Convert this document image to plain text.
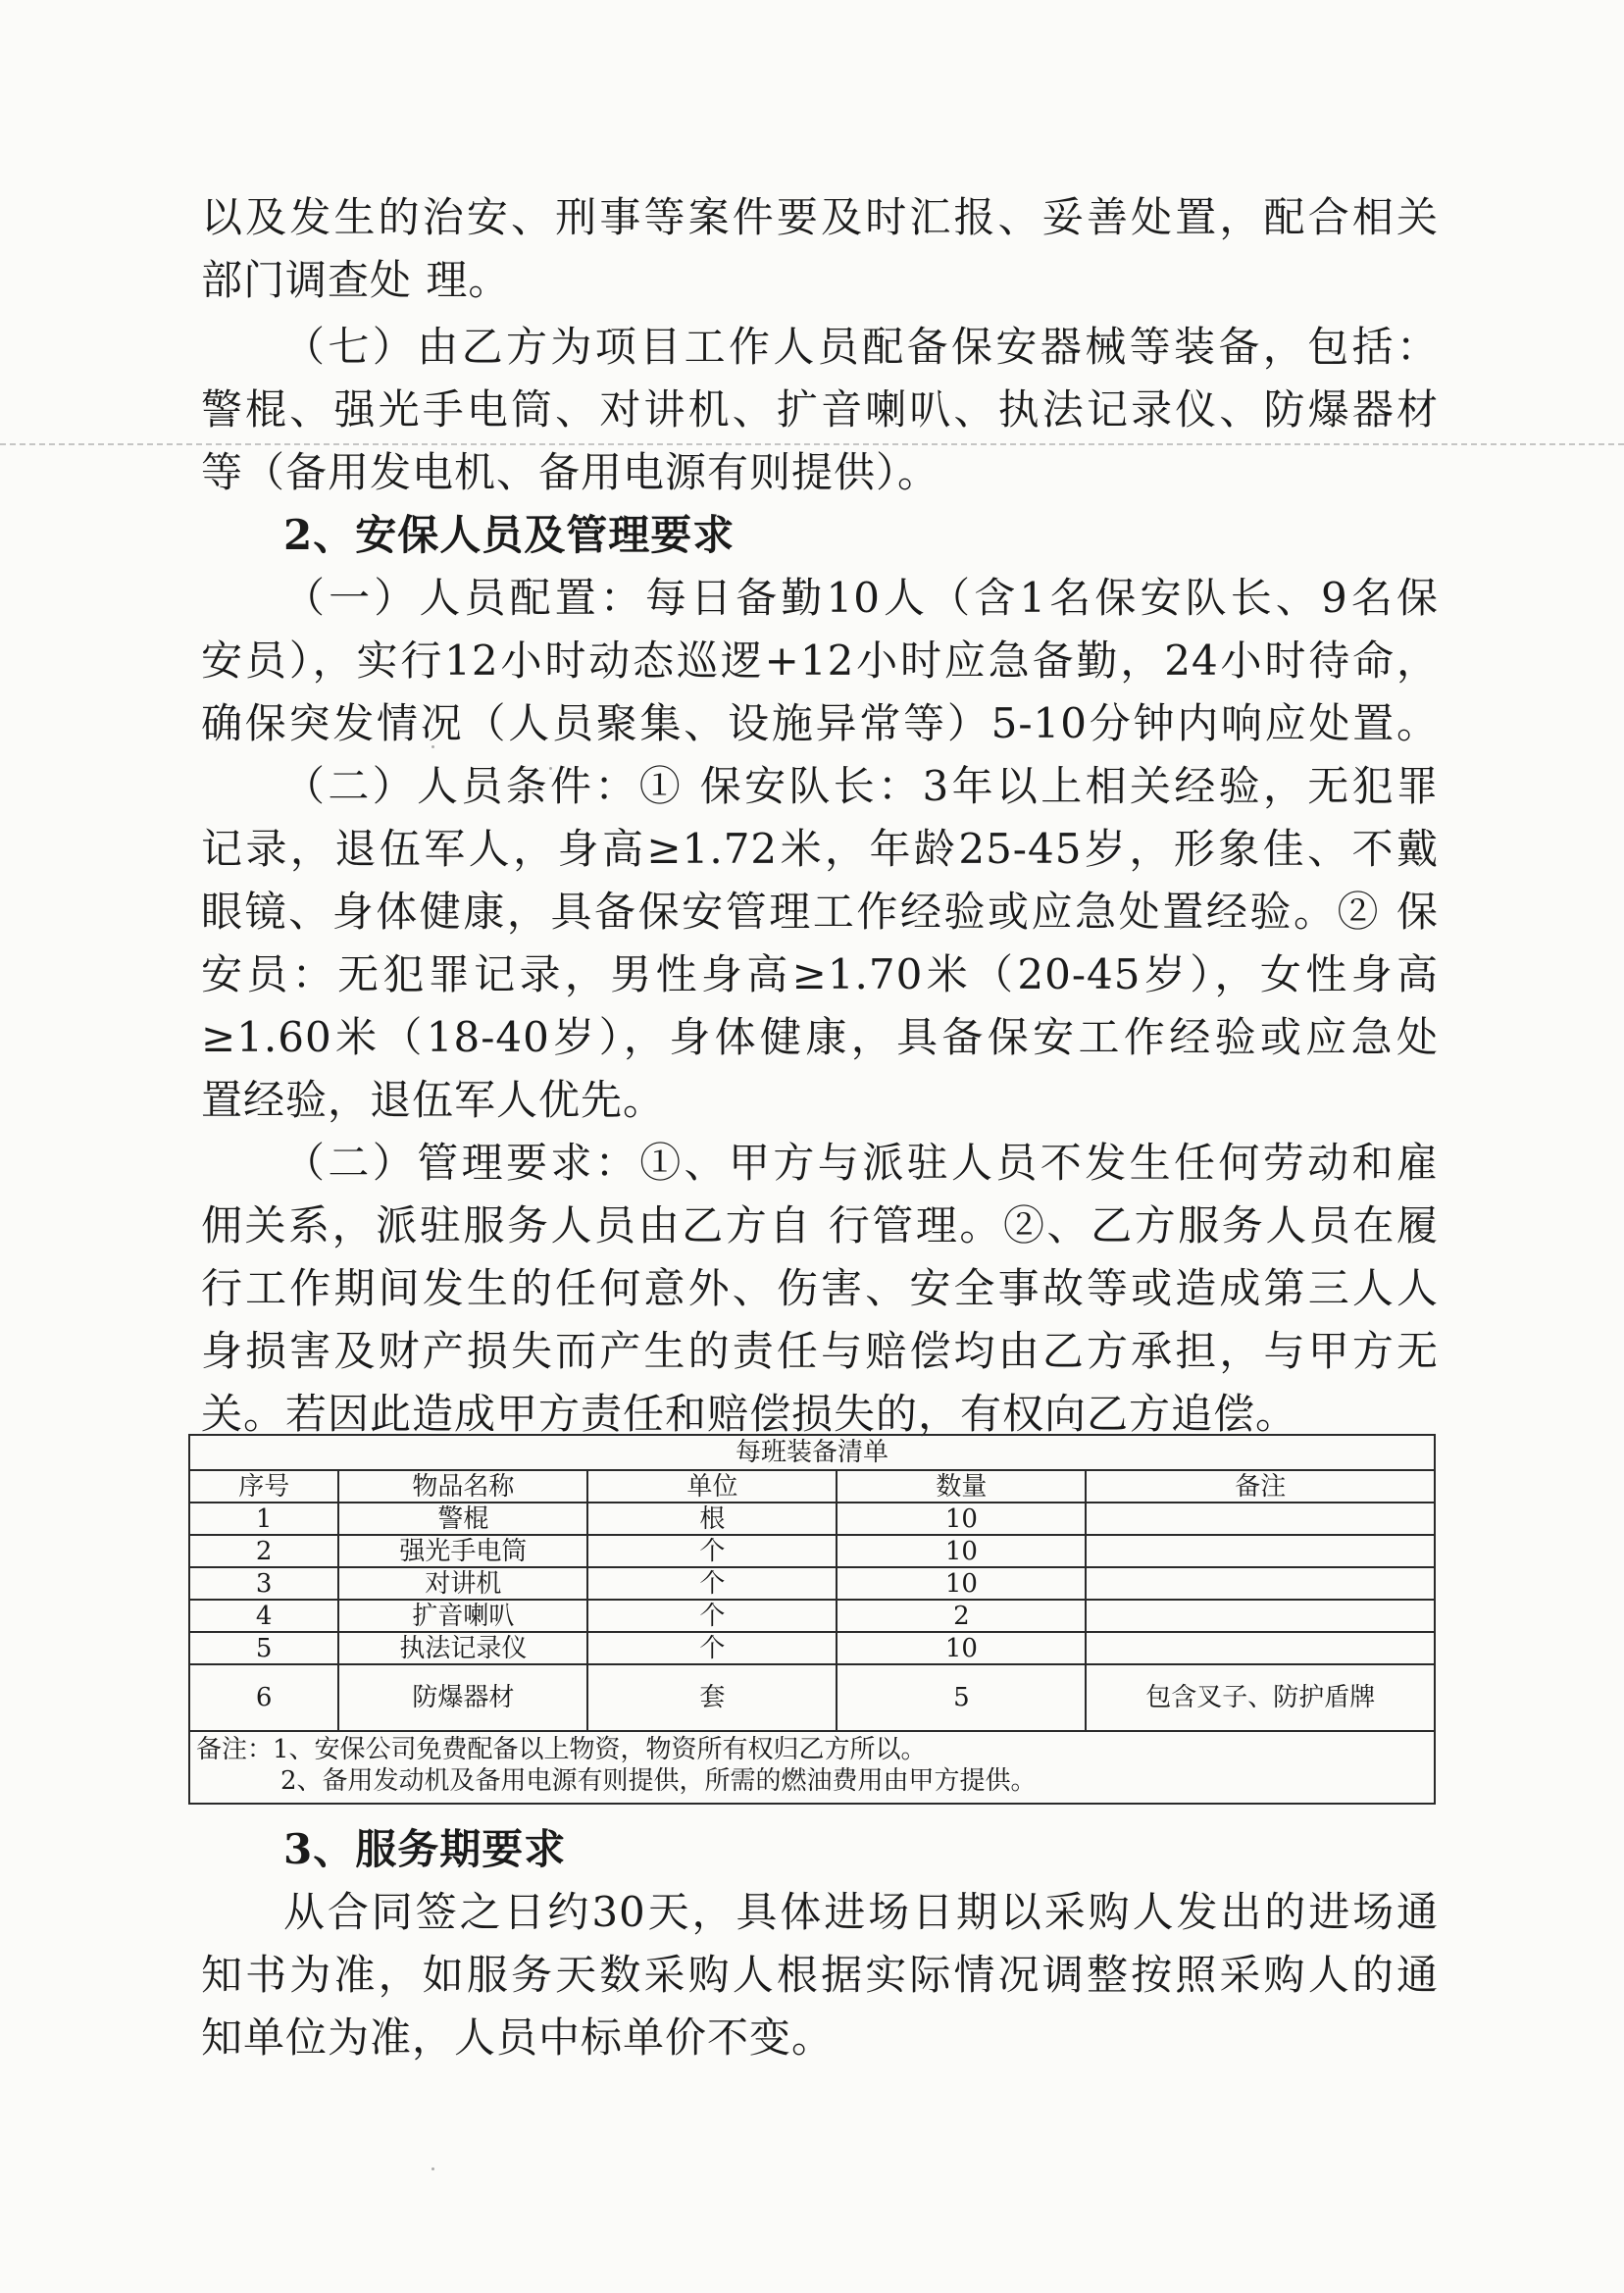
以及发生的治安、刑事等案件要及时汇报、妥善处置，配合相关
部门调查处 理。
（七）由乙方为项目工作人员配备保安器械等装备，包括：
警棍、强光手电筒、对讲机、扩音喇叭、执法记录仪、防爆器材
等（备用发电机、备用电源有则提供）。
2、安保人员及管理要求
（一）人员配置：每日备勤10人（含1名保安队长、9名保
安员），实行12小时动态巡逻+12小时应急备勤，24小时待命，
确保突发情况（人员聚集、设施异常等）5-10分钟内响应处置。
（二）人员条件：① 保安队长：3年以上相关经验，无犯罪
记录，退伍军人，身高≥1.72米，年龄25-45岁，形象佳、不戴
眼镜、身体健康，具备保安管理工作经验或应急处置经验。② 保
安员：无犯罪记录，男性身高≥1.70米（20-45岁），女性身高
≥1.60米（18-40岁），身体健康，具备保安工作经验或应急处
置经验，退伍军人优先。
（二）管理要求：①、甲方与派驻人员不发生任何劳动和雇
佣关系，派驻服务人员由乙方自 行管理。②、乙方服务人员在履
行工作期间发生的任何意外、伤害、安全事故等或造成第三人人
身损害及财产损失而产生的责任与赔偿均由乙方承担，与甲方无
关。若因此造成甲方责任和赔偿损失的，有权向乙方追偿。
每班装备清单				
序号	物品名称	单位	数量	备注
1	警棍	根	10	
2	强光手电筒	个	10	
3	对讲机	个	10	
4	扩音喇叭	个	2	
5	执法记录仪	个	10	
6	防爆器材	套	5	包含叉子、防护盾牌

备注：1、安保公司免费配备以上物资，物资所有权归乙方所以。
2、备用发动机及备用电源有则提供，所需的燃油费用由甲方提供。				
3、服务期要求
从合同签之日约30天，具体进场日期以采购人发出的进场通
知书为准，如服务天数采购人根据实际情况调整按照采购人的通
知单位为准，人员中标单价不变。
